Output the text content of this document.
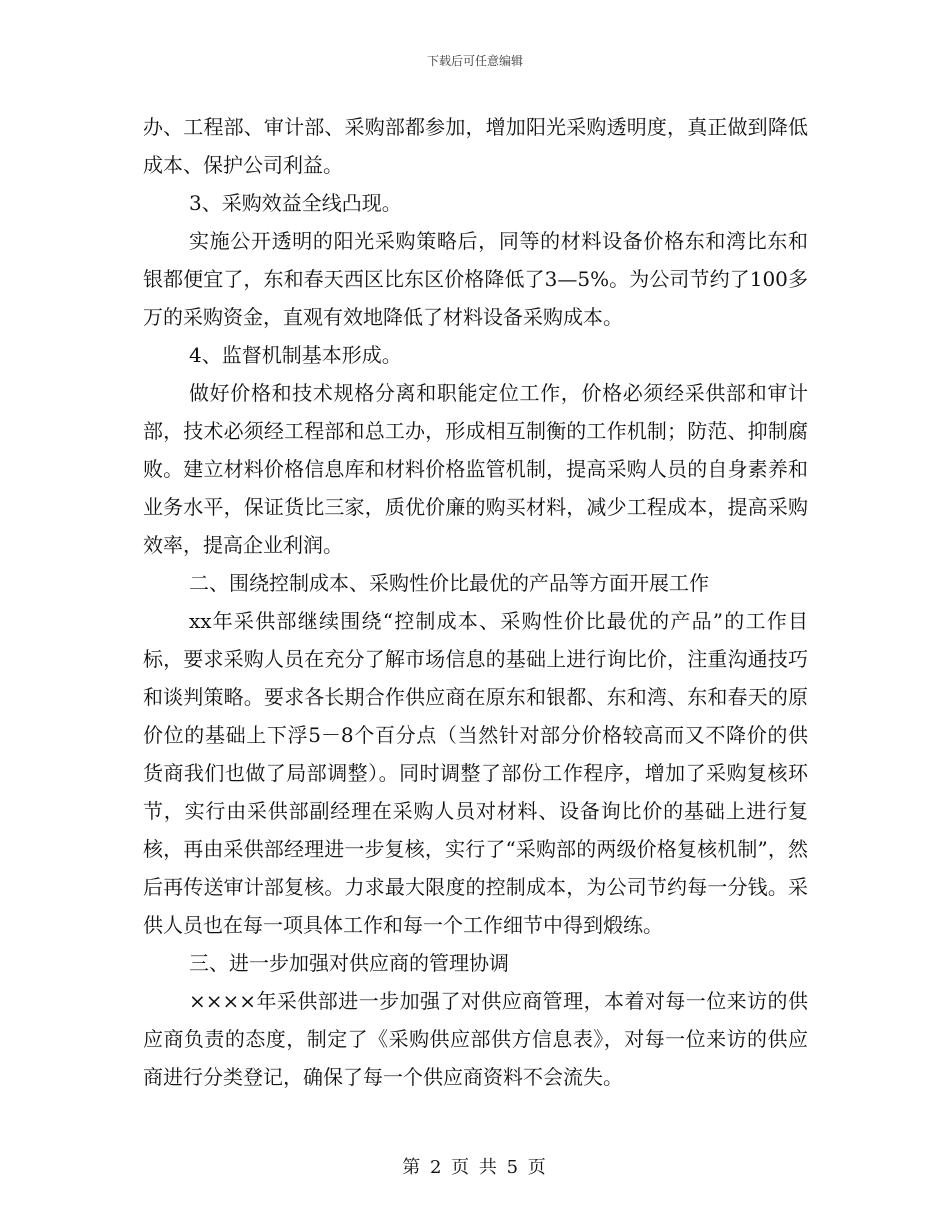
下载后可任意编辑

办、工程部、审计部、采购部都参加，增加阳光采购透明度，真正做到降低成本、保护公司利益。

3、采购效益全线凸现。

实施公开透明的阳光采购策略后，同等的材料设备价格东和湾比东和银都便宜了，东和春天西区比东区价格降低了3—5%。为公司节约了100多万的采购资金，直观有效地降低了材料设备采购成本。

4、监督机制基本形成。

做好价格和技术规格分离和职能定位工作，价格必须经采供部和审计部，技术必须经工程部和总工办，形成相互制衡的工作机制；防范、抑制腐败。建立材料价格信息库和材料价格监管机制，提高采购人员的自身素养和业务水平，保证货比三家，质优价廉的购买材料，减少工程成本，提高采购效率，提高企业利润。

二、围绕控制成本、采购性价比最优的产品等方面开展工作

xx年采供部继续围绕“控制成本、采购性价比最优的产品”的工作目标，要求采购人员在充分了解市场信息的基础上进行询比价，注重沟通技巧和谈判策略。要求各长期合作供应商在原东和银都、东和湾、东和春天的原价位的基础上下浮5－8个百分点（当然针对部分价格较高而又不降价的供货商我们也做了局部调整）。同时调整了部份工作程序，增加了采购复核环节，实行由采供部副经理在采购人员对材料、设备询比价的基础上进行复核，再由采供部经理进一步复核，实行了“采购部的两级价格复核机制”，然后再传送审计部复核。力求最大限度的控制成本，为公司节约每一分钱。采供人员也在每一项具体工作和每一个工作细节中得到煅练。

三、进一步加强对供应商的管理协调

××××年采供部进一步加强了对供应商管理，本着对每一位来访的供应商负责的态度，制定了《采购供应部供方信息表》，对每一位来访的供应商进行分类登记，确保了每一个供应商资料不会流失。

第 2 页 共 5 页
